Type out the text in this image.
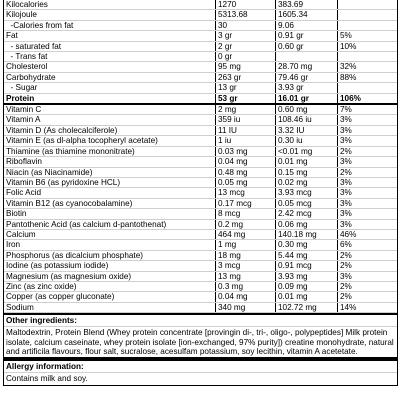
Kilocalories	1270	383.69	
Kilojoule	5313.68	1605.34	
-Calories from fat	30	9.06	
Fat	3 gr	0.91 gr	5%
- saturated fat	2 gr	0.60 gr	10%
- Trans fat	0 gr		
Cholesterol	95 mg	28.70 mg	32%
Carbohydrate	263 gr	79.46 gr	88%
- Sugar	13 gr	3.93 gr	
Protein	53 gr	16.01 gr	106%
Vitamin C	2 mg	0.60 mg	7%
Vitamin A	359 iu	108.46 iu	3%
Vitamin D (As cholecalciferole)	11 IU	3.32 IU	3%
Vitamin E (as dl-alpha tocopheryl acetate)	1 iu	0.30 iu	3%
Thiamine (as thiamine mononitrate)	0.03 mg	<0.01 mg	2%
Riboflavin	0.04 mg	0.01 mg	3%
Niacin (as Niacinamide)	0.48 mg	0.15 mg	2%
Vitamin B6 (as pyridoxine HCL)	0.05 mg	0.02 mg	3%
Folic Acid	13 mcg	3.93 mcg	3%
Vitamin B12 (as cyanocobalamine)	0.17 mcg	0.05 mcg	3%
Biotin	8 mcg	2.42 mcg	3%
Pantothenic Acid (as calcium d-pantothenat)	0.2 mg	0.06 mg	3%
Calcium	464 mg	140.18 mg	46%
Iron	1 mg	0.30 mg	6%
Phosphorus (as dicalcium phosphate)	18 mg	5.44 mg	2%
Iodine (as potassium iodide)	3 mcg	0.91 mcg	2%
Magnesium (as magnesium oxide)	13 mg	3.93 mg	3%
Zinc (as zinc oxide)	0.3 mg	0.09 mg	2%
Copper (as copper gluconate)	0.04 mg	0.01 mg	2%
Sodium	340 mg	102.72 mg	14%
Other ingredients:
Maltodextrin, Protein Blend (Whey protein concentrate [provingin di-, tri-, oligo-, polypeptides] Milk protein isolate, calcium caseinate, whey protein isolate [ion-exchanged, 97% purity]) creatine monohydrate, natural and artificila flavours, flour salt, sucralose, acesulfam potassium, soy lecithin, vitamin A acetetate.
Allergy information:
Contains milk and soy.
